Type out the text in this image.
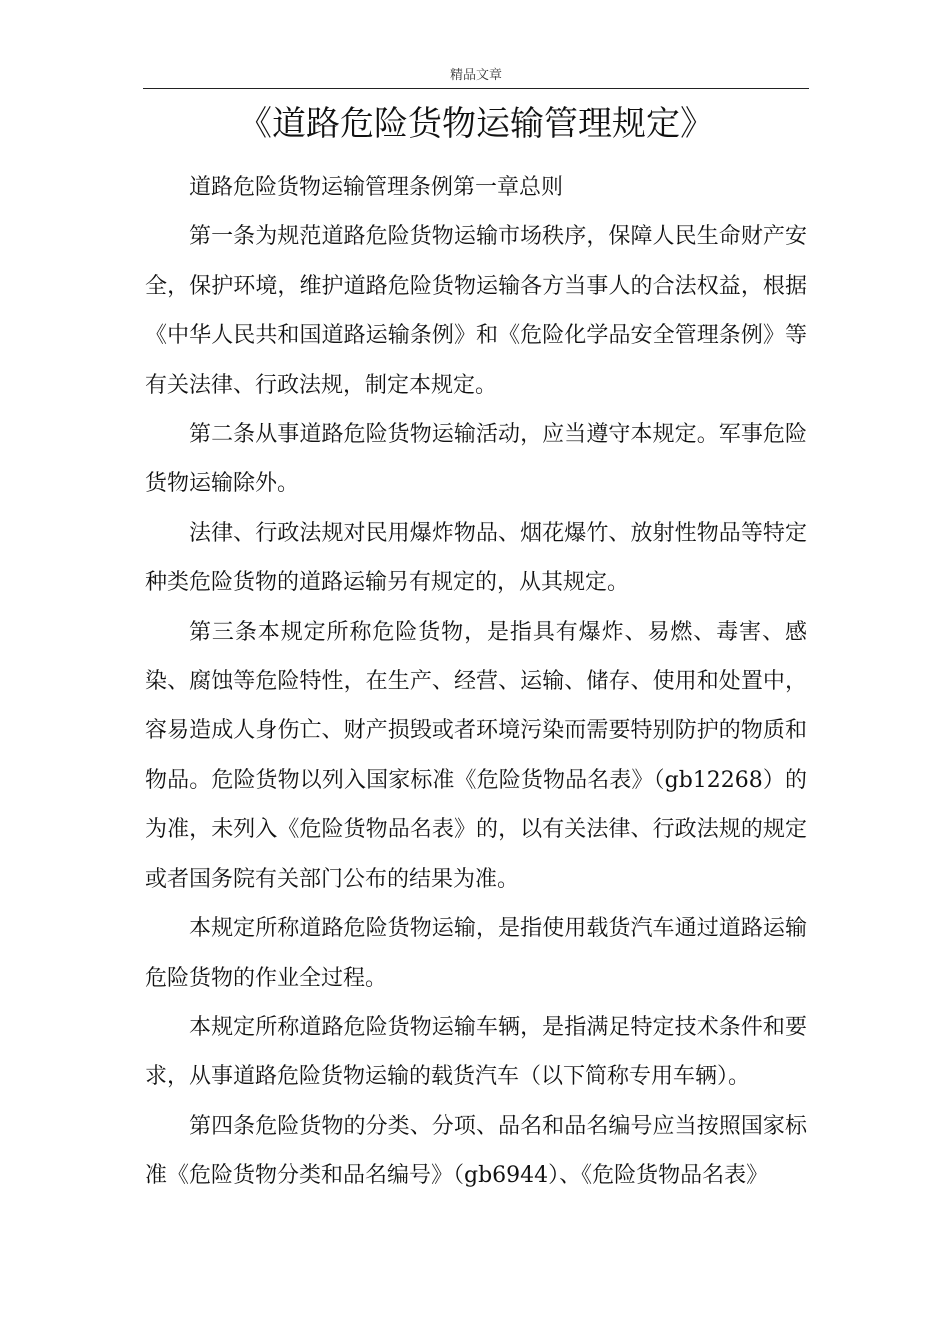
精品文章
《道路危险货物运输管理规定》

道路危险货物运输管理条例第一章总则

第一条为规范道路危险货物运输市场秩序，保障人民生命财产安全，保护环境，维护道路危险货物运输各方当事人的合法权益，根据《中华人民共和国道路运输条例》和《危险化学品安全管理条例》等有关法律、行政法规，制定本规定。

第二条从事道路危险货物运输活动，应当遵守本规定。军事危险货物运输除外。

法律、行政法规对民用爆炸物品、烟花爆竹、放射性物品等特定种类危险货物的道路运输另有规定的，从其规定。

第三条本规定所称危险货物，是指具有爆炸、易燃、毒害、感染、腐蚀等危险特性，在生产、经营、运输、储存、使用和处置中，容易造成人身伤亡、财产损毁或者环境污染而需要特别防护的物质和物品。危险货物以列入国家标准《危险货物品名表》（gb12268）的为准，未列入《危险货物品名表》的，以有关法律、行政法规的规定或者国务院有关部门公布的结果为准。

本规定所称道路危险货物运输，是指使用载货汽车通过道路运输危险货物的作业全过程。

本规定所称道路危险货物运输车辆，是指满足特定技术条件和要求，从事道路危险货物运输的载货汽车（以下简称专用车辆）。

第四条危险货物的分类、分项、品名和品名编号应当按照国家标准《危险货物分类和品名编号》（gb6944）、《危险货物品名表》
